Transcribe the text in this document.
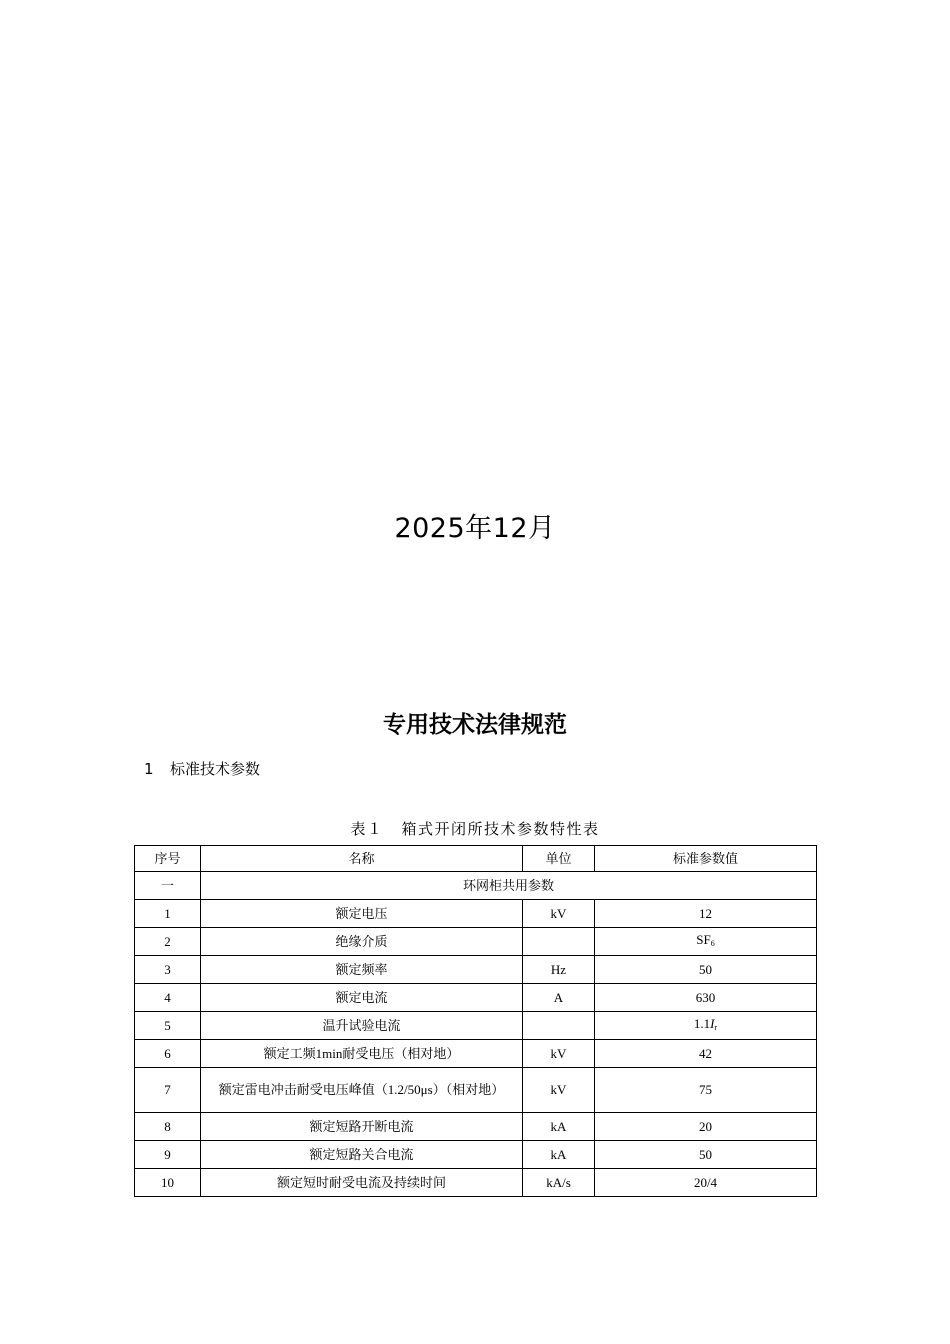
2025年12月
专用技术法律规范
1 标准技术参数
表１ 箱式开闭所技术参数特性表
序号	名称	单位	标准参数值
一	环网柜共用参数		
1	额定电压	kV	12
2	绝缘介质		$SF_6$
3	额定频率	Hz	50
4	额定电流	A	630
5	温升试验电流		$1.1I_r$
6	额定工频1min耐受电压（相对地）	kV	42
7	额定雷电冲击耐受电压峰值（1.2/50μs）（相对地）	kV	75
8	额定短路开断电流	kA	20
9	额定短路关合电流	kA	50
10	额定短时耐受电流及持续时间	kA/s	20/4
